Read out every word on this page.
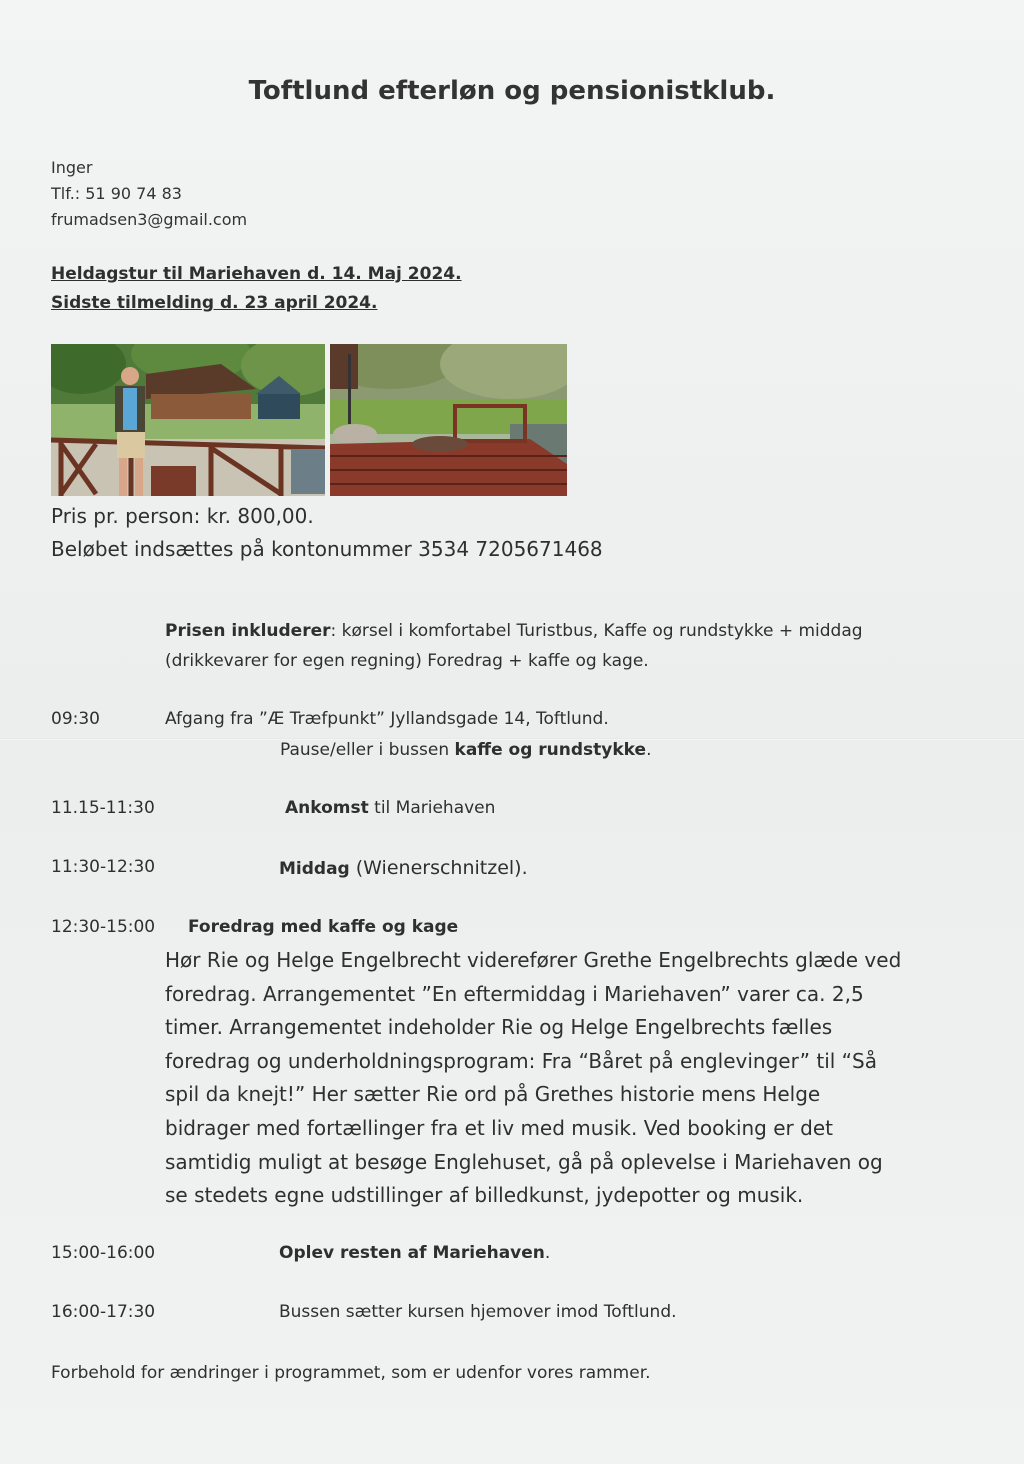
Toftlund efterløn og pensionistklub.
Inger
Tlf.: 51 90 74 83
frumadsen3@gmail.com
Heldagstur til Mariehaven d. 14. Maj 2024.
Sidste tilmelding d. 23 april 2024.
Pris pr. person: kr. 800,00.
Beløbet indsættes på kontonummer 3534 7205671468
Prisen inkluderer: kørsel i komfortabel Turistbus, Kaffe og rundstykke + middag
(drikkevarer for egen regning) Foredrag + kaffe og kage.
09:30	Afgang fra ”Æ Træfpunkt” Jyllandsgade 14, Toftlund.
Pause/eller i bussen kaffe og rundstykke.
11.15-11:30	Ankomst til Mariehaven
11:30-12:30	Middag (Wienerschnitzel).
12:30-15:00 Foredrag med kaffe og kage

Hør Rie og Helge Engelbrecht viderefører Grethe Engelbrechts glæde ved

foredrag. Arrangementet ”En eftermiddag i Mariehaven” varer ca. 2,5

timer. Arrangementet indeholder Rie og Helge Engelbrechts fælles

foredrag og underholdningsprogram: Fra “Båret på englevinger” til “Så

spil da knejt!” Her sætter Rie ord på Grethes historie mens Helge

bidrager med fortællinger fra et liv med musik. Ved booking er det

samtidig muligt at besøge Englehuset, gå på oplevelse i Mariehaven og

se stedets egne udstillinger af billedkunst, jydepotter og musik.

15:00-16:00	Oplev resten af Mariehaven.
16:00-17:30	Bussen sætter kursen hjemover imod Toftlund.
Forbehold for ændringer i programmet, som er udenfor vores rammer.
